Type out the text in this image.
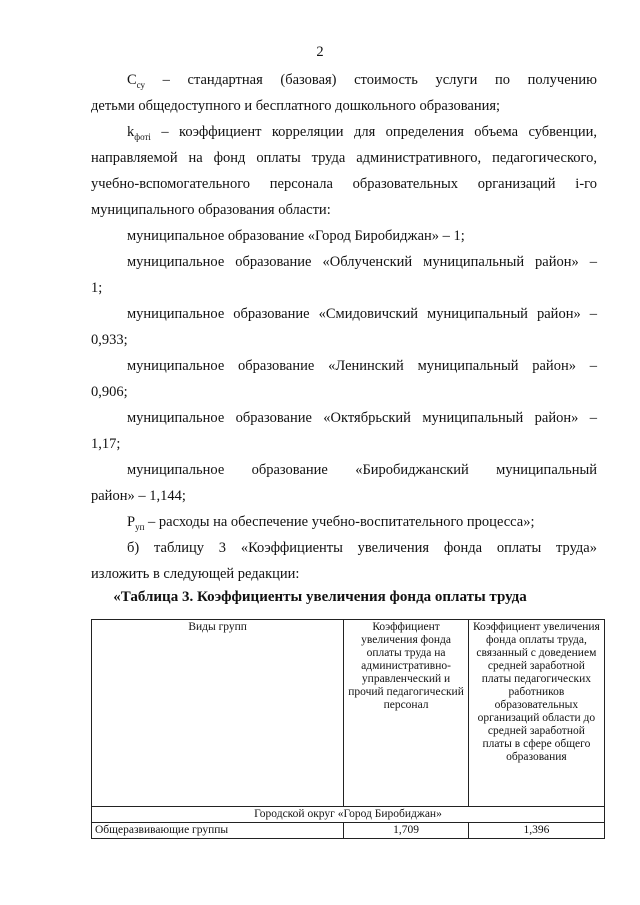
2
$С_{су}$ – стандартная (базовая) стоимость услуги по получению
детьми общедоступного и бесплатного дошкольного образования;
$k_{фотi}$ – коэффициент корреляции для определения объема субвенции,
направляемой на фонд оплаты труда административного, педагогического,
учебно-вспомогательного персонала образовательных организаций i-го
муниципального образования области:
муниципальное образование «Город Биробиджан» – 1;
муниципальное образование «Облученский муниципальный район» –
1;
муниципальное образование «Смидовичский муниципальный район» –
0,933;
муниципальное образование «Ленинский муниципальный район» –
0,906;
муниципальное образование «Октябрьский муниципальный район» –
1,17;
муниципальное образование «Биробиджанский муниципальный
район» – 1,144;
$Р_{уп}$ – расходы на обеспечение учебно-воспитательного процесса»;
б) таблицу 3 «Коэффициенты увеличения фонда оплаты труда»
изложить в следующей редакции:
«Таблица 3. Коэффициенты увеличения фонда оплаты труда
Виды групп	Коэффициент увеличения фонда оплаты труда на административно-управленческий и прочий педагогический персонал	Коэффициент увеличения фонда оплаты труда, связанный с доведением средней заработной платы педагогических работников образовательных организаций области до средней заработной платы в сфере общего образования
Городской округ «Город Биробиджан»		
Общеразвивающие группы	1,709	1,396
